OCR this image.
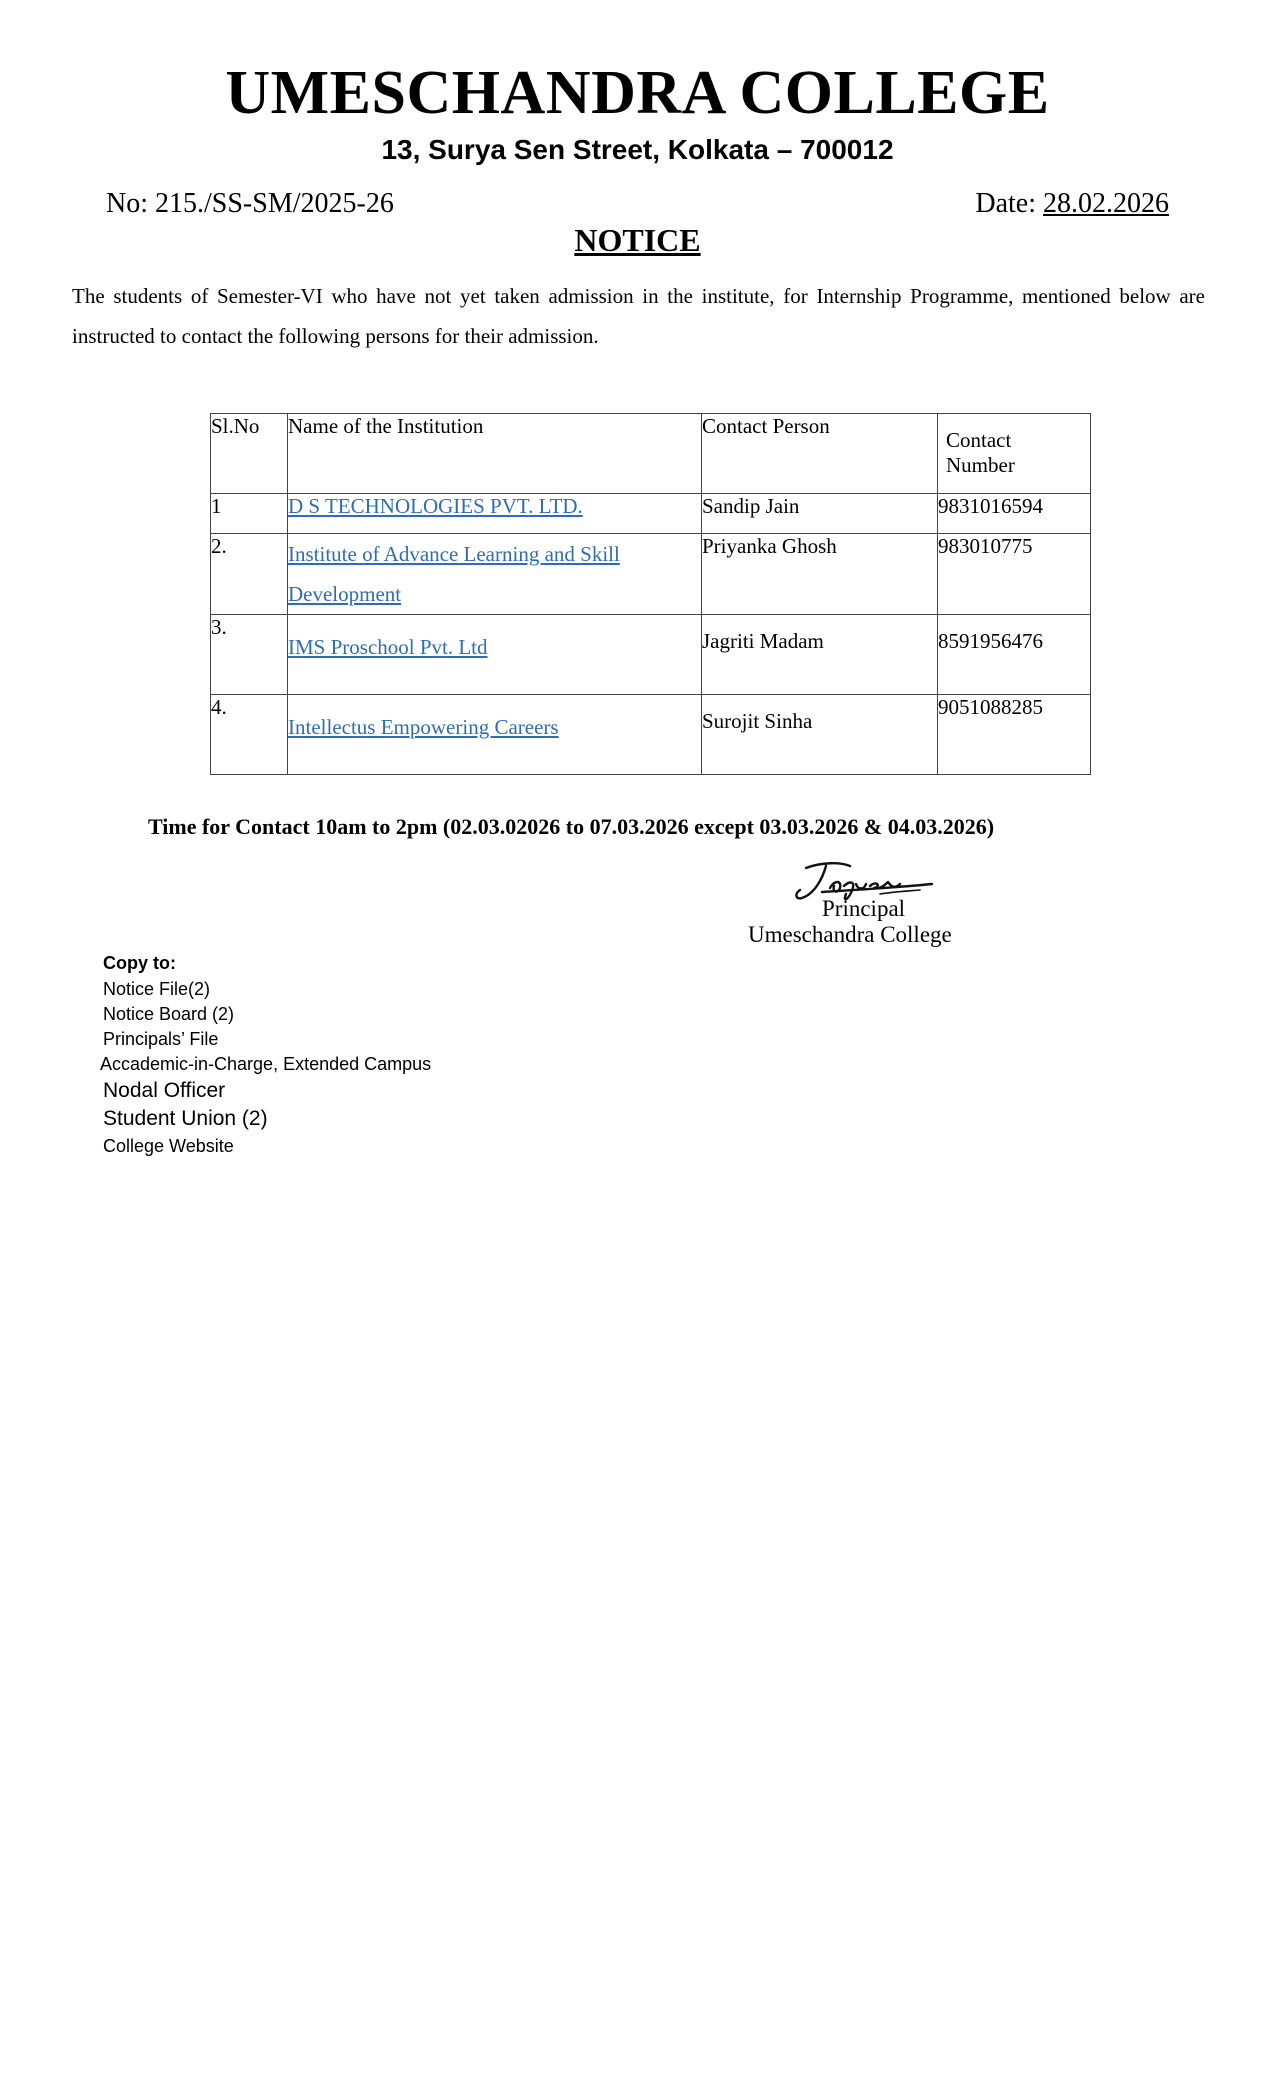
UMESCHANDRA COLLEGE
13, Surya Sen Street, Kolkata – 700012
No: 215./SS-SM/2025-26	Date: 28.02.2026
NOTICE
The students of Semester-VI who have not yet taken admission in the institute, for Internship Programme, mentioned below are instructed to contact the following persons for their admission.
Sl.No	Name of the Institution	Contact Person	Contact Number
1	D S TECHNOLOGIES PVT. LTD.	Sandip Jain	9831016594
2.	Institute of Advance Learning and Skill Development	Priyanka Ghosh	983010775
3.	IMS Proschool Pvt. Ltd	Jagriti Madam	8591956476
4.	Intellectus Empowering Careers	Surojit Sinha	9051088285
Time for Contact 10am to 2pm (02.03.02026 to 07.03.2026 except 03.03.2026 & 04.03.2026)
Principal
Umeschandra College
Copy to:
Notice File(2)
Notice Board (2)
Principals’ File
Accademic-in-Charge, Extended Campus
Nodal Officer
Student Union (2)
College Website
